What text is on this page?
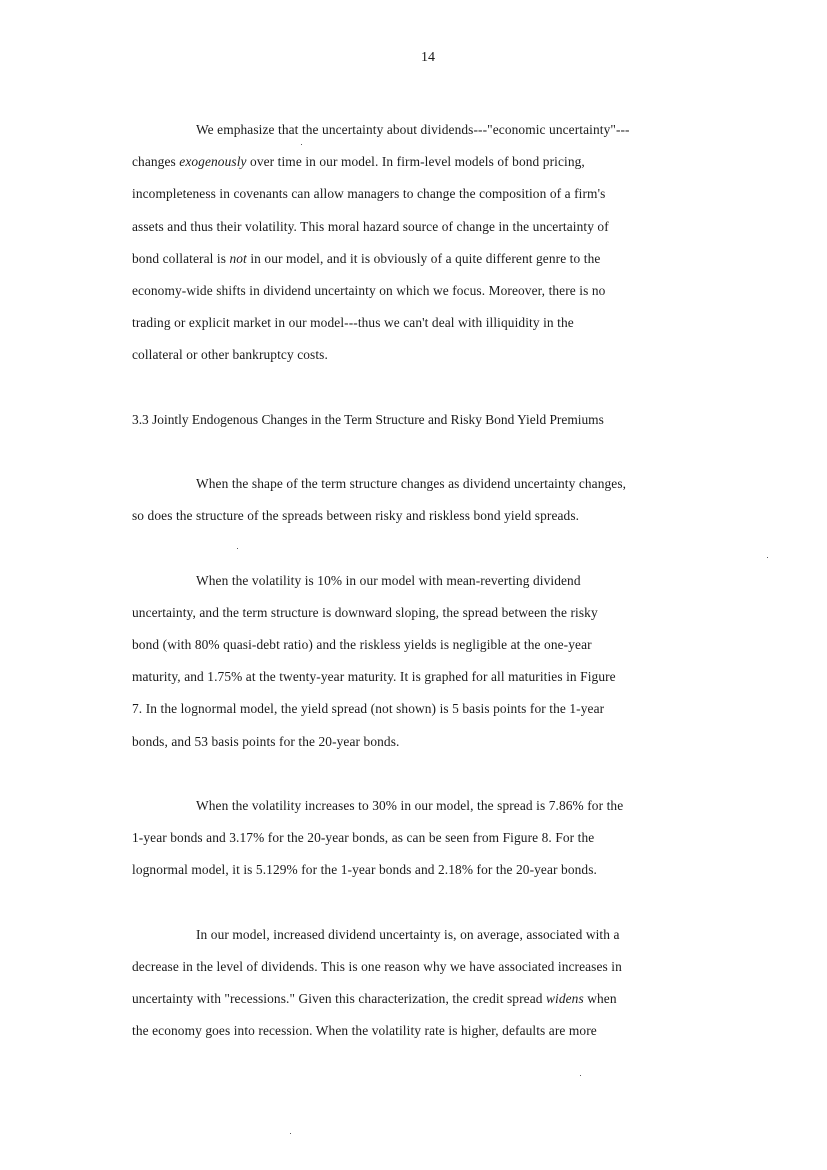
14
We emphasize that the uncertainty about dividends---"economic uncertainty"---
changes exogenously over time in our model. In firm-level models of bond pricing,
incompleteness in covenants can allow managers to change the composition of a firm's
assets and thus their volatility. This moral hazard source of change in the uncertainty of
bond collateral is not in our model, and it is obviously of a quite different genre to the
economy-wide shifts in dividend uncertainty on which we focus. Moreover, there is no
trading or explicit market in our model---thus we can't deal with illiquidity in the
collateral or other bankruptcy costs.
3.3 Jointly Endogenous Changes in the Term Structure and Risky Bond Yield Premiums
When the shape of the term structure changes as dividend uncertainty changes,
so does the structure of the spreads between risky and riskless bond yield spreads.
When the volatility is 10% in our model with mean-reverting dividend
uncertainty, and the term structure is downward sloping, the spread between the risky
bond (with 80% quasi-debt ratio) and the riskless yields is negligible at the one-year
maturity, and 1.75% at the twenty-year maturity. It is graphed for all maturities in Figure
7. In the lognormal model, the yield spread (not shown) is 5 basis points for the 1-year
bonds, and 53 basis points for the 20-year bonds.
When the volatility increases to 30% in our model, the spread is 7.86% for the
1-year bonds and 3.17% for the 20-year bonds, as can be seen from Figure 8. For the
lognormal model, it is 5.129% for the 1-year bonds and 2.18% for the 20-year bonds.
In our model, increased dividend uncertainty is, on average, associated with a
decrease in the level of dividends. This is one reason why we have associated increases in
uncertainty with "recessions." Given this characterization, the credit spread widens when
the economy goes into recession. When the volatility rate is higher, defaults are more
